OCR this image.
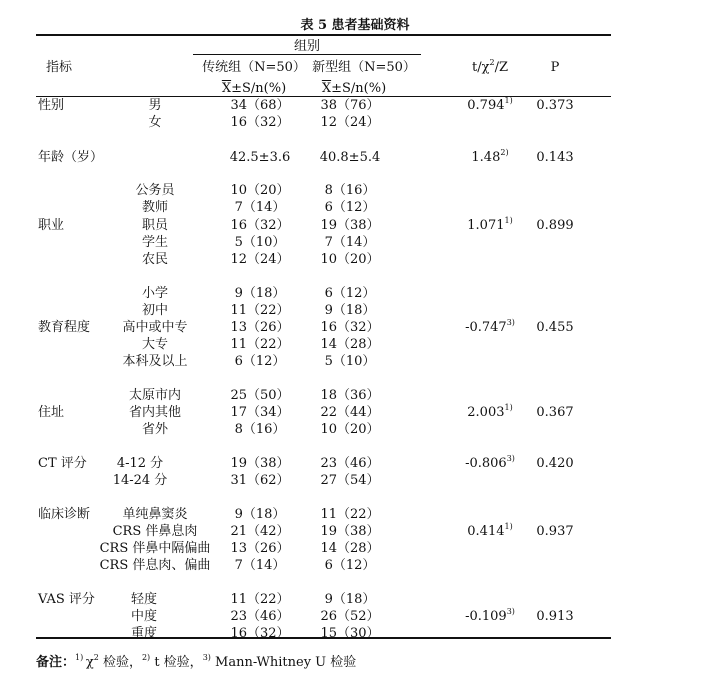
表 5 患者基础资料
指标
组别
传统组（N=50） 新型组（N=50）	$t/\chi^2/Z$	P
$\overline{X}\pm S/n(\%)$	$\overline{X}\pm S/n(\%)$
性别	男	34（68）	38（76）	0.794$^{1)}$	0.373
女	16（32）	12（24）
年龄（岁）	42.5±3.6	40.8±5.4	1.48$^{2)}$	0.143
公务员	10（20）	8（16）
教师	7（14）	6（12）
职业	职员	16（32）	19（38）	1.071$^{1)}$	0.899
学生	5（10）	7（14）
农民	12（24）	10（20）
小学	9（18）	6（12）
初中	11（22）	9（18）
教育程度	高中或中专	13（26）	16（32）	-0.747$^{3)}$	0.455
大专	11（22）	14（28）
本科及以上	6（12）	5（10）
太原市内	25（50）	18（36）
住址	省内其他	17（34）	22（44）	2.003$^{1)}$	0.367
省外	8（16）	10（20）
CT 评分	4-12 分	19（38）	23（46）	-0.806$^{3)}$	0.420
14-24 分	31（62）	27（54）
临床诊断	单纯鼻窦炎	9（18）	11（22）
CRS 伴鼻息肉	21（42）	19（38）	0.414$^{1)}$	0.937
CRS 伴鼻中隔偏曲	13（26）	14（28）
CRS 伴息肉、偏曲	7（14）	6（12）
VAS 评分	轻度	11（22）	9（18）
中度	23（46）	26（52）	-0.109$^{3)}$	0.913
重度	16（32）	15（30）
备注：$^{1)}$  $\chi^2$ 检验，$^{2)}$ t 检验，$^{3)}$ Mann-Whitney U 检验
